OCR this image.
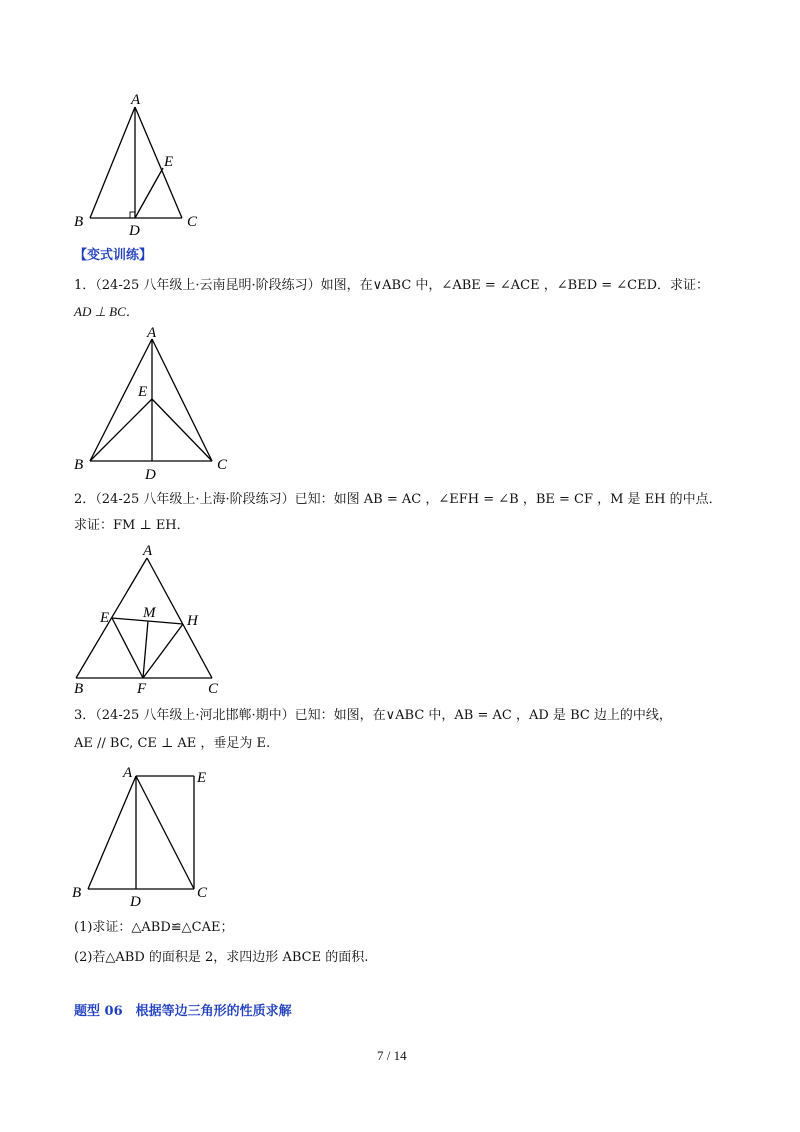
A
B	C
D
E
【变式训练】
1．（24-25 八年级上·云南昆明·阶段练习）如图，在∨ABC 中，∠ABE = ∠ACE ，∠BED = ∠CED．求证：
AD ⊥ BC．
A
E
B	C
D
2．（24-25 八年级上·上海·阶段练习）已知：如图 AB = AC ，∠EFH = ∠B ，BE = CF ，M 是 EH 的中点．
求证：FM ⊥ EH．
A
E M H
B	F	C
3．（24-25 八年级上·河北邯郸·期中）已知：如图，在∨ABC 中，AB = AC ，AD 是 BC 边上的中线，
AE // BC, CE ⊥ AE ，垂足为 E.
A	E
B	C
D
(1)求证：△ABD≌△CAE；
(2)若△ABD 的面积是 2，求四边形 ABCE 的面积.
题型 06　根据等边三角形的性质求解
7 / 14
